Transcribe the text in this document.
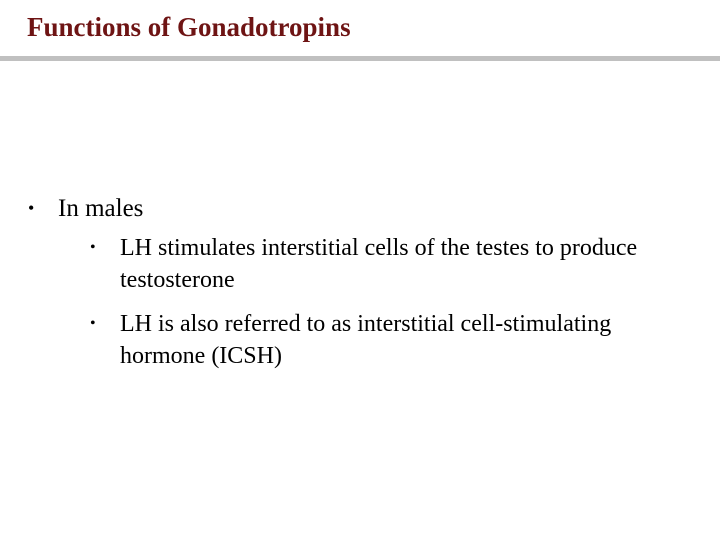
Functions of Gonadotropins
• In males
• LH stimulates interstitial cells of the testes to produce testosterone
• LH is also referred to as interstitial cell-stimulating hormone (ICSH)
